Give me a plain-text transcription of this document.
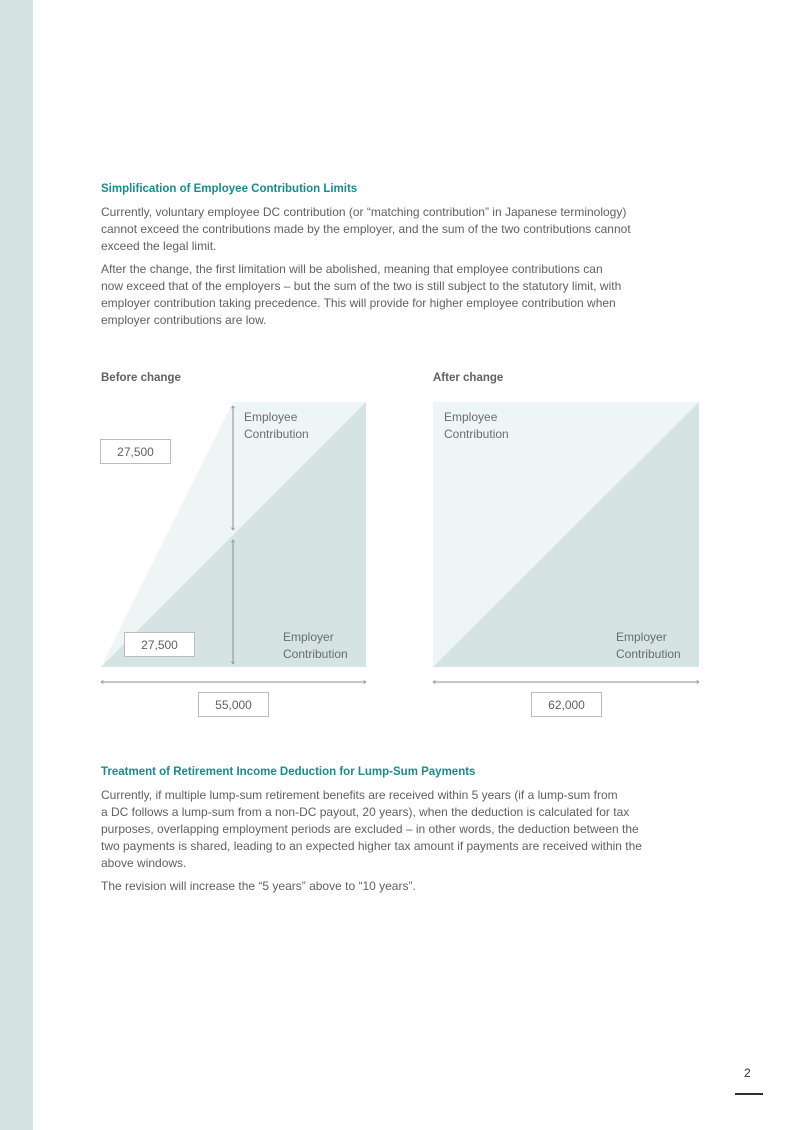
Simplification of Employee Contribution Limits

Currently, voluntary employee DC contribution (or “matching contribution” in Japanese terminology)
cannot exceed the contributions made by the employer, and the sum of the two contributions cannot
exceed the legal limit.

After the change, the first limitation will be abolished, meaning that employee contributions can
now exceed that of the employers – but the sum of the two is still subject to the statutory limit, with
employer contribution taking precedence. This will provide for higher employee contribution when
employer contributions are low.

Before change	After change
Employee
Contribution
Employer
Contribution
Employee
Contribution
Employer
Contribution
27,500
27,500
55,000	62,000
Treatment of Retirement Income Deduction for Lump-Sum Payments

Currently, if multiple lump-sum retirement benefits are received within 5 years (if a lump-sum from
a DC follows a lump-sum from a non-DC payout, 20 years), when the deduction is calculated for tax
purposes, overlapping employment periods are excluded – in other words, the deduction between the
two payments is shared, leading to an expected higher tax amount if payments are received within the
above windows.

The revision will increase the “5 years” above to “10 years”.

2
